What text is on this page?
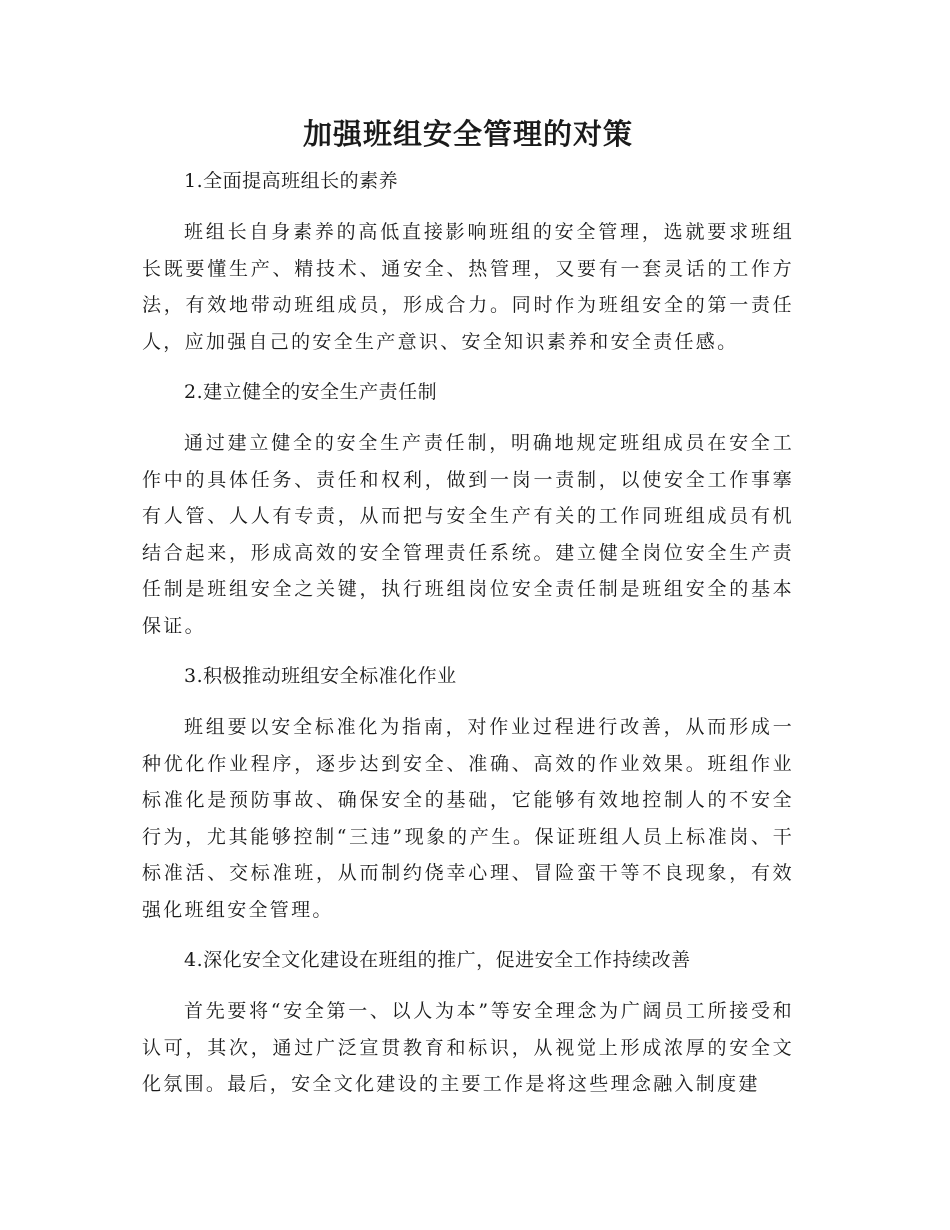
加强班组安全管理的对策

1.全面提高班组长的素养

班组长自身素养的高低直接影响班组的安全管理，选就要求班组长既要懂生产、精技术、通安全、热管理，又要有一套灵话的工作方法，有效地带动班组成员，形成合力。同时作为班组安全的第一责任人，应加强自己的安全生产意识、安全知识素养和安全责任感。

2.建立健全的安全生产责任制

通过建立健全的安全生产责任制，明确地规定班组成员在安全工作中的具体任务、责任和权利，做到一岗一责制，以使安全工作事搴有人管、人人有专责，从而把与安全生产有关的工作同班组成员有机结合起来，形成高效的安全管理责任系统。建立健全岗位安全生产责任制是班组安全之关键，执行班组岗位安全责任制是班组安全的基本保证。

3.积极推动班组安全标准化作业

班组要以安全标准化为指南，对作业过程进行改善，从而形成一种优化作业程序，逐步达到安全、准确、高效的作业效果。班组作业标准化是预防事故、确保安全的基础，它能够有效地控制人的不安全行为，尤其能够控制“三违”现象的产生。保证班组人员上标准岗、干标准活、交标准班，从而制约侥幸心理、冒险蛮干等不良现象，有效强化班组安全管理。

4.深化安全文化建设在班组的推广，促进安全工作持续改善

首先要将“安全第一、以人为本”等安全理念为广阔员工所接受和认可，其次，通过广泛宣贯教育和标识，从视觉上形成浓厚的安全文化氛围。最后，安全文化建设的主要工作是将这些理念融入制度建
